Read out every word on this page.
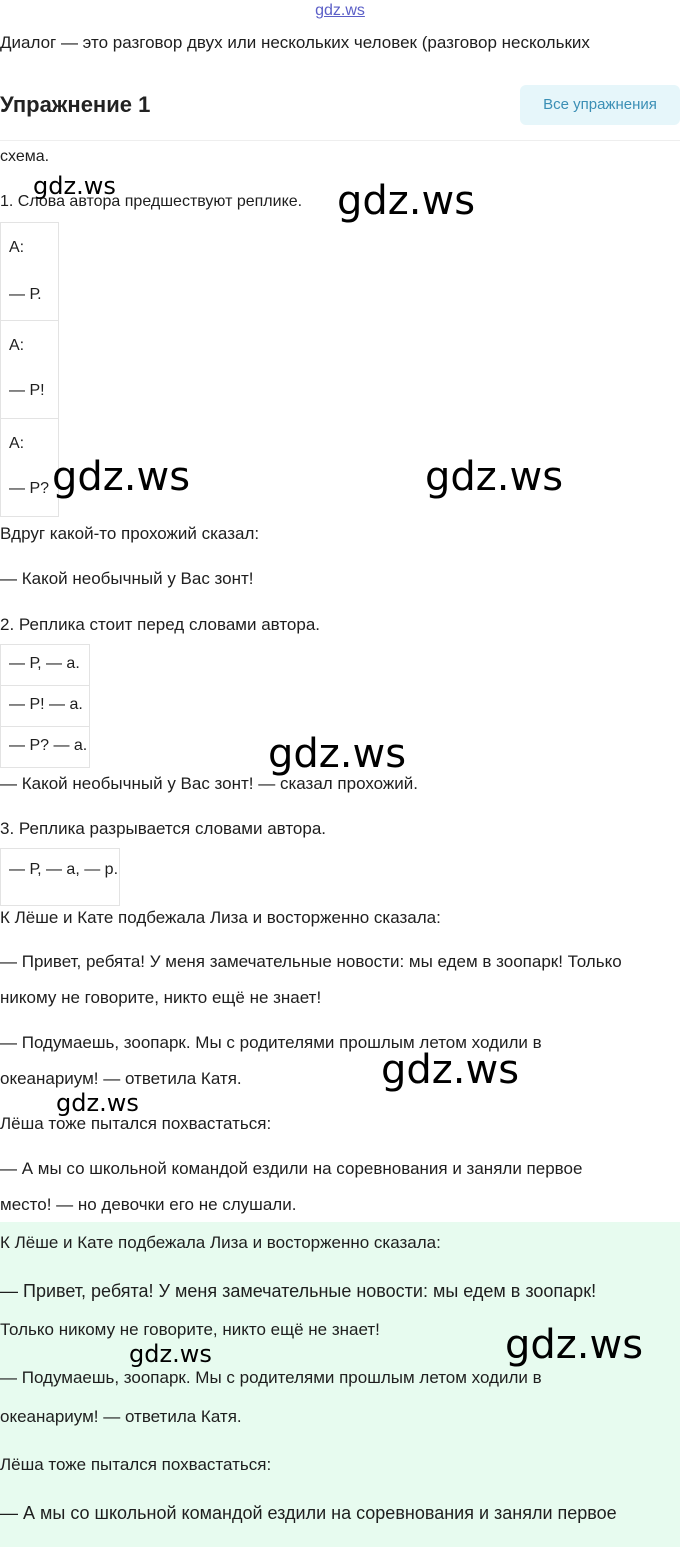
gdz.ws
Диалог — это разговор двух или нескольких человек (разговор нескольких
Упражнение 1	Все упражнения
схема.
1. Слова автора предшествуют реплике.
А:
— Р.
А:
— Р!
А:
— Р?
Вдруг какой-то прохожий сказал:
— Какой необычный у Вас зонт!
2. Реплика стоит перед словами автора.
— Р, — а.
— Р! — а.
— Р? — а.
— Какой необычный у Вас зонт! — сказал прохожий.
3. Реплика разрывается словами автора.
— Р, — а, — р.
К Лёше и Кате подбежала Лиза и восторженно сказала:
— Привет, ребята! У меня замечательные новости: мы едем в зоопарк! Только
никому не говорите, никто ещё не знает!
— Подумаешь, зоопарк. Мы с родителями прошлым летом ходили в
океанариум! — ответила Катя.
Лёша тоже пытался похвастаться:
— А мы со школьной командой ездили на соревнования и заняли первое
место! — но девочки его не слушали.
К Лёше и Кате подбежала Лиза и восторженно сказала:
— Привет, ребята! У меня замечательные новости: мы едем в зоопарк!
Только никому не говорите, никто ещё не знает!
— Подумаешь, зоопарк. Мы с родителями прошлым летом ходили в
океанариум! — ответила Катя.
Лёша тоже пытался похвастаться:
— А мы со школьной командой ездили на соревнования и заняли первое
gdz.ws	gdz.ws
gdz.ws	gdz.ws
gdz.ws
gdz.ws
gdz.ws
gdz.ws
gdz.ws
